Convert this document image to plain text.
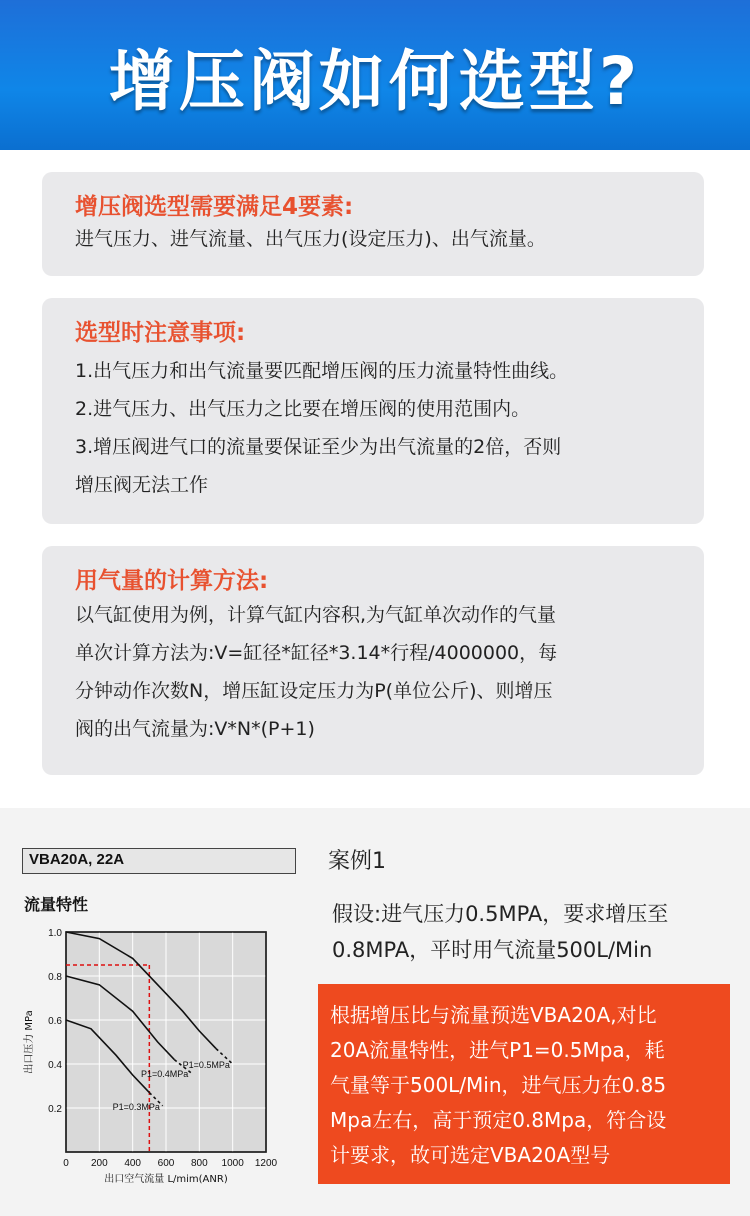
增压阀如何选型?
增压阀选型需要满足4要素:
进气压力、进气流量、出气压力(设定压力)、出气流量。
选型时注意事项:
1.出气压力和出气流量要匹配增压阀的压力流量特性曲线。
2.进气压力、出气压力之比要在增压阀的使用范围内。
3.增压阀进气口的流量要保证至少为出气流量的2倍，否则
增压阀无法工作
用气量的计算方法:
以气缸使用为例，计算气缸内容积,为气缸单次动作的气量
单次计算方法为:V=缸径*缸径*3.14*行程/4000000，每
分钟动作次数N，增压缸设定压力为P(单位公斤)、则增压
阀的出气流量为:V*N*(P+1)
VBA20A, 22A
流量特性
0 200 400 600 800 1000 1200
0.2
0.4
0.6
0.8
1.0
P1=0.5MPa
P1=0.4MPa
P1=0.3MPa
出口空气流量 L/mim(ANR)
出口压力 MPa
案例1
假设:进气压力0.5MPA，要求增压至
0.8MPA，平时用气流量500L/Min
根据增压比与流量预选VBA20A,对比
20A流量特性，进气P1=0.5Mpa，耗
气量等于500L/Min，进气压力在0.85
Mpa左右，高于预定0.8Mpa，符合设
计要求，故可选定VBA20A型号
